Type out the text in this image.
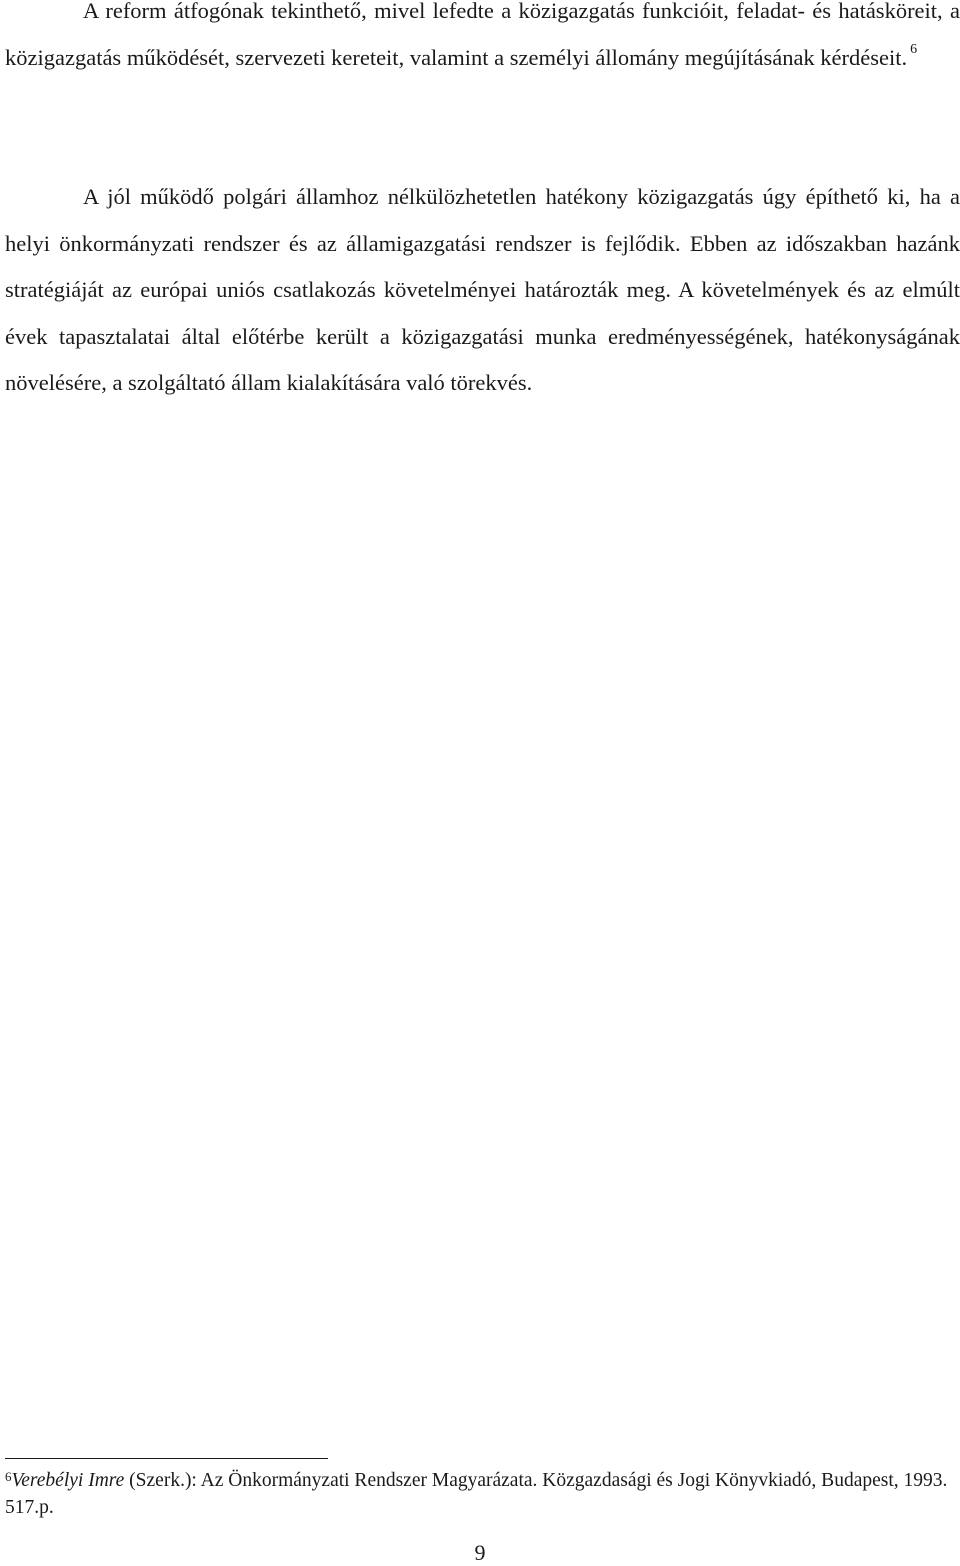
A reform átfogónak tekinthető, mivel lefedte a közigazgatás funkcióit, feladat- és hatásköreit, a közigazgatás működését, szervezeti kereteit, valamint a személyi állomány megújításának kérdéseit. $^6$

A jól működő polgári államhoz nélkülözhetetlen hatékony közigazgatás úgy építhető ki, ha a helyi önkormányzati rendszer és az államigazgatási rendszer is fejlődik. Ebben az időszakban hazánk stratégiáját az európai uniós csatlakozás követelményei határozták meg. A követelmények és az elmúlt évek tapasztalatai által előtérbe került a közigazgatási munka eredményességének, hatékonyságának növelésére, a szolgáltató állam kialakítására való törekvés.

$^6$Verebélyi Imre (Szerk.): Az Önkormányzati Rendszer Magyarázata. Közgazdasági és Jogi Könyvkiadó, Budapest, 1993. 517.p.

9
